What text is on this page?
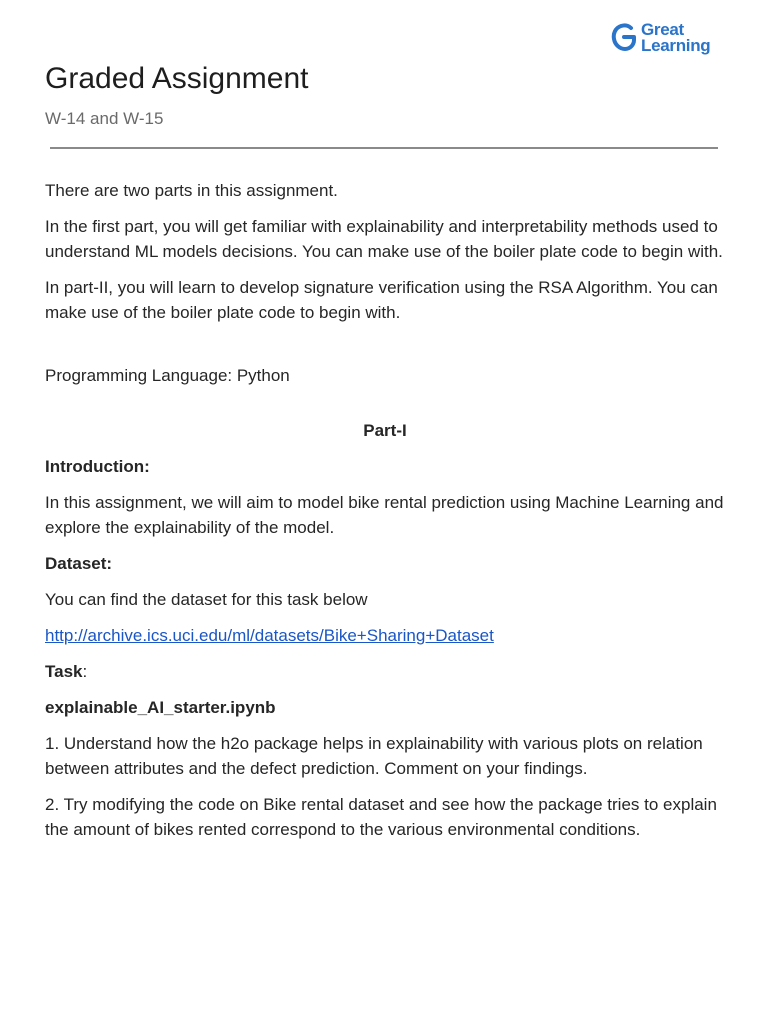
Great
Learning
Graded Assignment
W-14 and W-15

There are two parts in this assignment.

In the first part, you will get familiar with explainability and interpretability methods used to understand ML models decisions. You can make use of the boiler plate code to begin with.

In part-II, you will learn to develop signature verification using the RSA Algorithm. You can make use of the boiler plate code to begin with.

Programming Language: Python

Part-I

Introduction:

In this assignment, we will aim to model bike rental prediction using Machine Learning and explore the explainability of the model.

Dataset:

You can find the dataset for this task below

http://archive.ics.uci.edu/ml/datasets/Bike+Sharing+Dataset

Task:

explainable_AI_starter.ipynb

1. Understand how the h2o package helps in explainability with various plots on relation between attributes and the defect prediction. Comment on your findings.

2. Try modifying the code on Bike rental dataset and see how the package tries to explain the amount of bikes rented correspond to the various environmental conditions.
